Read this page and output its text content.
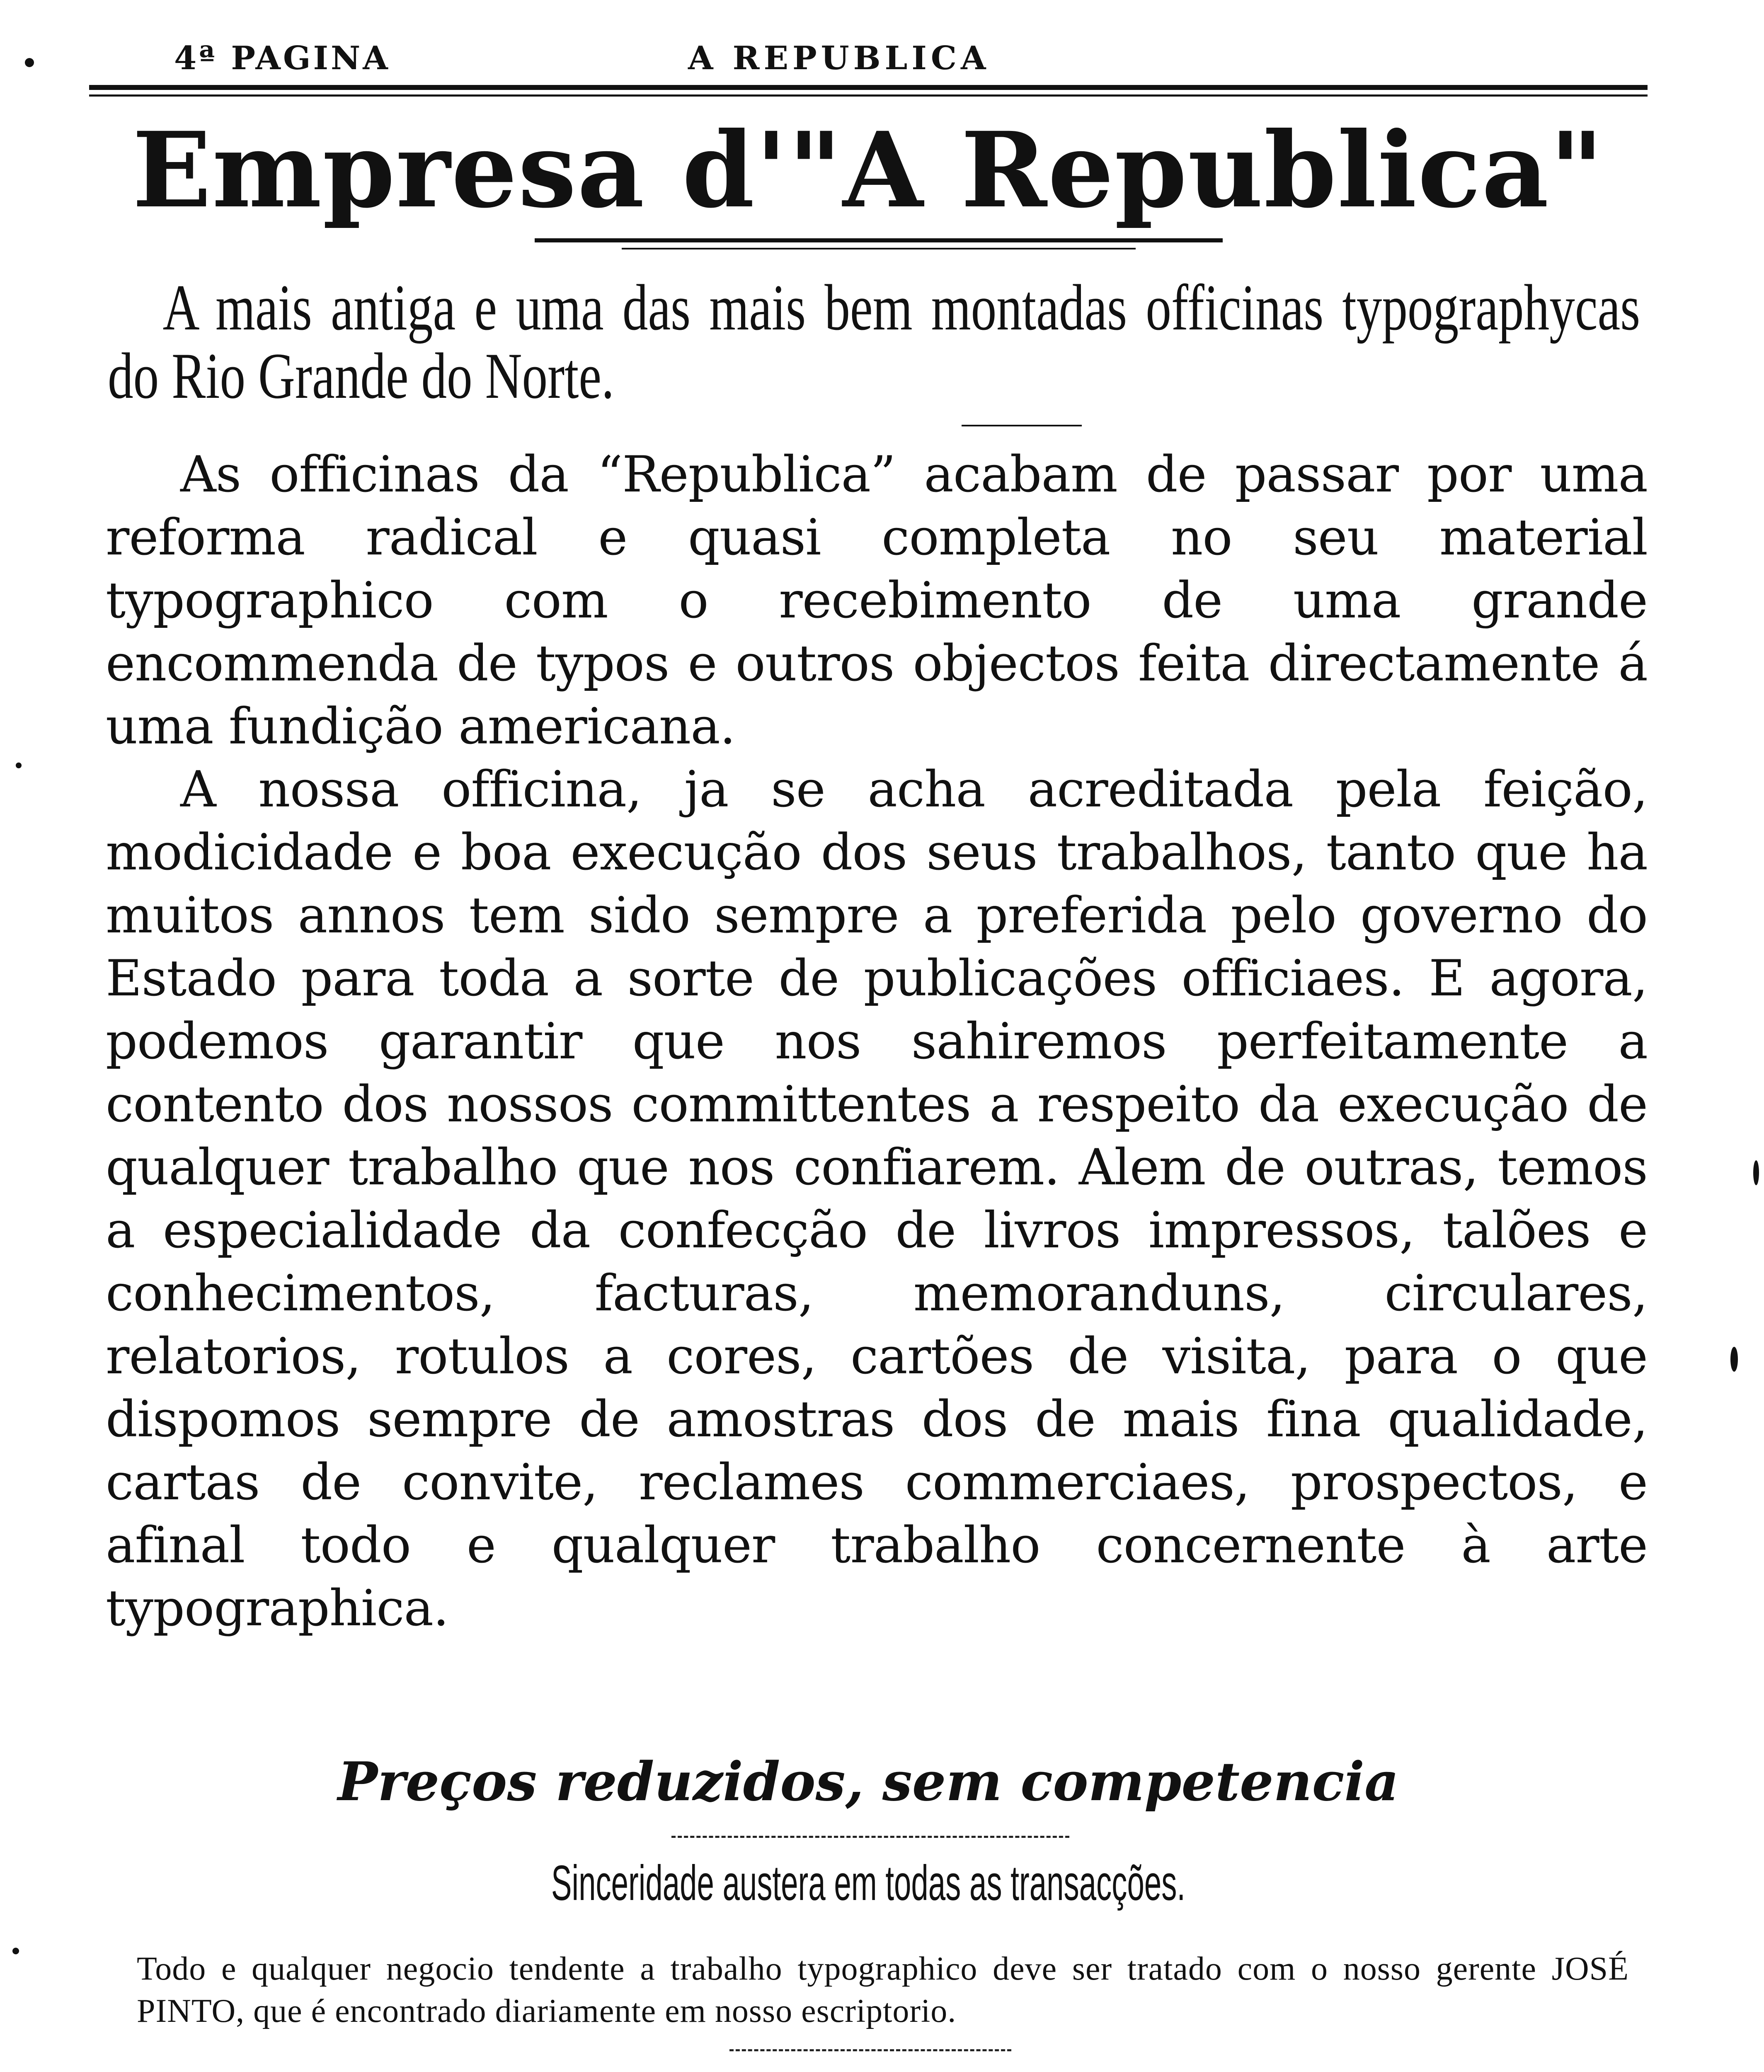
4ª PAGINA	A REPUBLICA
Empresa d'"A Republica"
A mais antiga e uma das mais bem montadas officinas typographycas do Rio Grande do Norte.

As officinas da “Republica” acabam de passar por uma reforma radical e quasi completa no seu material typographico com o recebimento de uma grande encommenda de typos e outros objectos feita directamente á uma fundição americana.

A nossa officina, ja se acha acreditada pela feição, modicidade e boa execução dos seus trabalhos, tanto que ha muitos annos tem sido sempre a preferida pelo governo do Estado para toda a sorte de publicações officiaes. E agora, podemos garantir que nos sahiremos perfeitamente a contento dos nossos committentes a respeito da execução de qualquer trabalho que nos confiarem. Alem de outras, temos a especialidade da confecção de livros impressos, talões e conhecimentos, facturas, memoranduns, circulares, relatorios, rotulos a cores, cartões de visita, para o que dispomos sempre de amostras dos de mais fina qualidade, cartas de convite, reclames commerciaes, prospectos, e afinal todo e qualquer trabalho concernente à arte typographica.

Preços reduzidos, sem competencia
Sinceridade austera em todas as transacções.
Todo e qualquer negocio tendente a trabalho typographico deve ser tratado com o nosso gerente JOSÉ PINTO, que é encontrado diariamente em nosso escriptorio.
